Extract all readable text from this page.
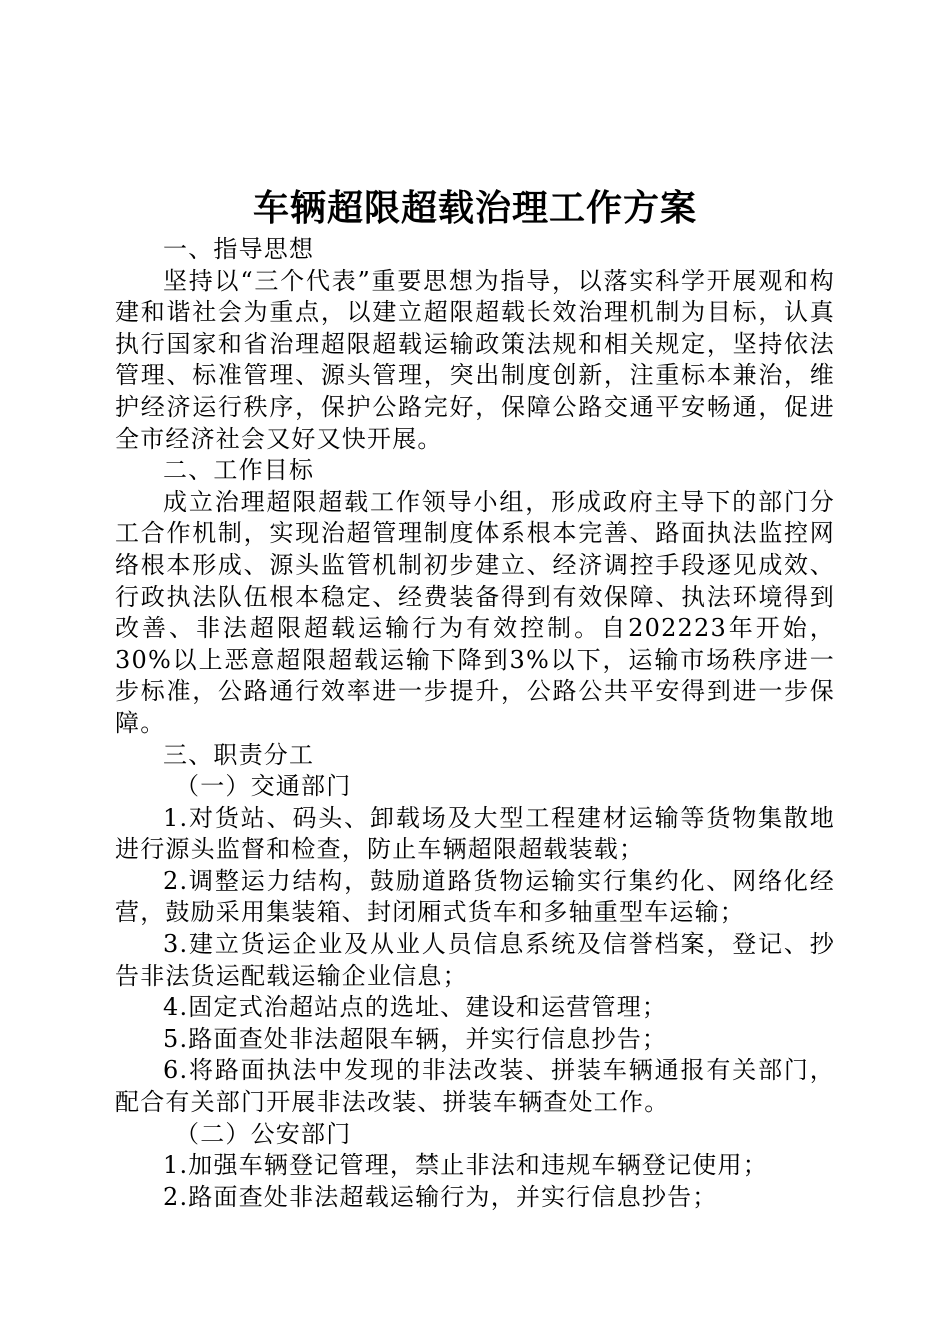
车辆超限超载治理工作方案

一、指导思想

坚持以“三个代表”重要思想为指导，以落实科学开展观和构建和谐社会为重点，以建立超限超载长效治理机制为目标，认真执行国家和省治理超限超载运输政策法规和相关规定，坚持依法管理、标准管理、源头管理，突出制度创新，注重标本兼治，维护经济运行秩序，保护公路完好，保障公路交通平安畅通，促进全市经济社会又好又快开展。

二、工作目标

成立治理超限超载工作领导小组，形成政府主导下的部门分工合作机制，实现治超管理制度体系根本完善、路面执法监控网络根本形成、源头监管机制初步建立、经济调控手段逐见成效、行政执法队伍根本稳定、经费装备得到有效保障、执法环境得到改善、非法超限超载运输行为有效控制。自202223年开始，30%以上恶意超限超载运输下降到3%以下，运输市场秩序进一步标准，公路通行效率进一步提升，公路公共平安得到进一步保障。

三、职责分工

（一）交通部门

1.对货站、码头、卸载场及大型工程建材运输等货物集散地进行源头监督和检查，防止车辆超限超载装载；

2.调整运力结构，鼓励道路货物运输实行集约化、网络化经营，鼓励采用集装箱、封闭厢式货车和多轴重型车运输；

3.建立货运企业及从业人员信息系统及信誉档案，登记、抄告非法货运配载运输企业信息；

4.固定式治超站点的选址、建设和运营管理；

5.路面查处非法超限车辆，并实行信息抄告；

6.将路面执法中发现的非法改装、拼装车辆通报有关部门，配合有关部门开展非法改装、拼装车辆查处工作。

（二）公安部门

1.加强车辆登记管理，禁止非法和违规车辆登记使用；

2.路面查处非法超载运输行为，并实行信息抄告；
